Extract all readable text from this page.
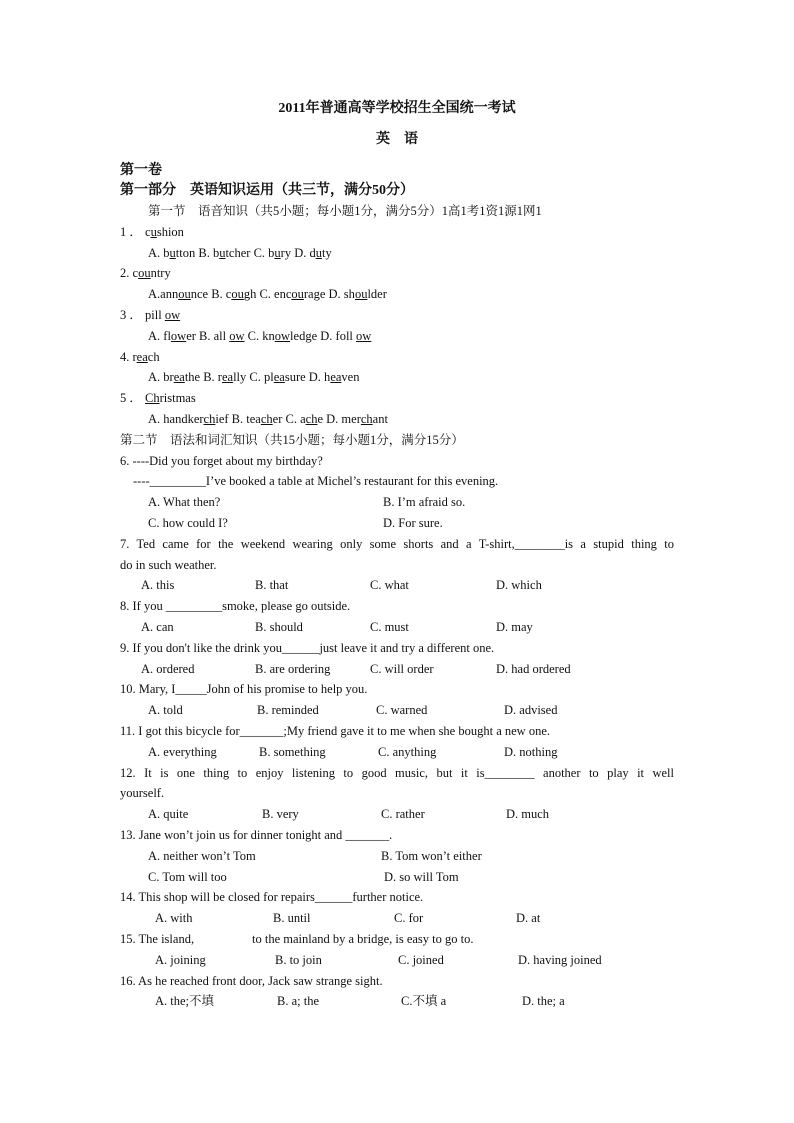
2011年普通高等学校招生全国统一考试
英　语
第一卷
第一部分　英语知识运用（共三节，满分50分）
第一节　语音知识（共5小题；每小题1分，满分5分）1高1考1资1源1网1
1 ． cushion
A. button B. butcher C. bury D. duty
2. country
A.announce B. cough C. encourage D. shoulder
3 ． pill ow
A. flower B. all ow C. knowledge D. foll ow
4. reach
A. breathe B. really C. pleasure D. heaven
5 ． Christmas
A. handkerchief B. teacher C. ache D. merchant
第二节　语法和词汇知识（共15小题；每小题1分，满分15分）
6. ----Did you forget about my birthday?
----_________I’ve booked a table at Michel’s restaurant for this evening.
A. What then?	B. I’m afraid so.
C. how could I?	D. For sure.
7. Ted came for the weekend wearing only some shorts and a T-shirt,________is a stupid thing to
do in such weather.
A. this	B. that	C. what	D. which
8. If you _________smoke, please go outside.
A. can	B. should	C. must	D. may
9. If you don't like the drink you______just leave it and try a different one.
A. ordered	B. are ordering	C. will order	D. had ordered
10. Mary, I_____John of his promise to help you.
A. told	B. reminded	C. warned	D. advised
11. I got this bicycle for_______;My friend gave it to me when she bought a new one.
A. everything	B. something	C. anything	D. nothing
12. It is one thing to enjoy listening to good music, but it is________ another to play it well
yourself.
A. quite	B. very	C. rather	D. much
13. Jane won’t join us for dinner tonight and _______.
A. neither won’t Tom	B. Tom won’t either
C. Tom will too	D. so will Tom
14. This shop will be closed for repairs______further notice.
A. with	B. until	C. for	D. at
15. The island,	to the mainland by a bridge, is easy to go to.
A. joining	B. to join	C. joined	D. having joined
16. As he reached front door, Jack saw strange sight.
A. the;不填	B. a; the	C.不填 a	D. the; a
